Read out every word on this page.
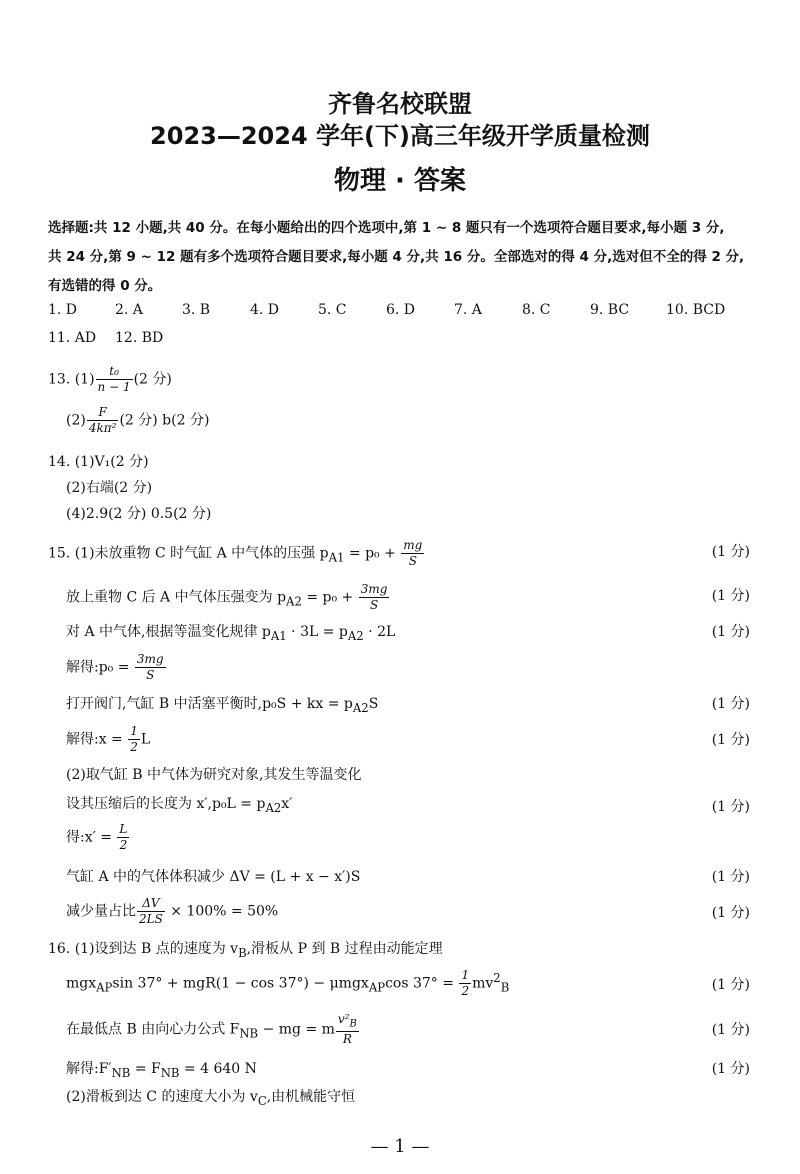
齐鲁名校联盟
2023—2024 学年(下)高三年级开学质量检测
物理 · 答案
选择题:共 12 小题,共 40 分。在每小题给出的四个选项中,第 1 ~ 8 题只有一个选项符合题目要求,每小题 3 分,
共 24 分,第 9 ~ 12 题有多个选项符合题目要求,每小题 4 分,共 16 分。全部选对的得 4 分,选对但不全的得 2 分,
有选错的得 0 分。
1. D	2. A	3. B	4. D	5. C	6. D	7. A	8. C	9. BC	10. BCD
11. AD 12. BD
13. $(1) \frac{\text{t₀}}{n - 1} (2$ 分)
$(2) \frac{F}{\text{4kπ²}} (2$ 分) b(2 分)
14. (1)V₁(2 分)
(2)右端(2 分)
(4)2.9(2 分) 0.5(2 分)
15. (1)未放重物 C 时气缸 A 中气体的压强 $p_{A1} = p_0 + \frac{mg}{S}$	(1 分)
放上重物 C 后 A 中气体压强变为 $p_{A2} = p_0 + \frac{3mg}{S}$	(1 分)
对 A 中气体,根据等温变化规律 $p_{A1} \cdot 3L = p_{A2} \cdot 2L$	(1 分)
解得:p₀ = $\frac{3mg}{S}$
打开阀门,气缸 B 中活塞平衡时,p₀S + kx = $p_{A2}S$	(1 分)
解得:x = $\frac{1}{2}$ L	(1 分)
(2)取气缸 B 中气体为研究对象,其发生等温变化
设其压缩后的长度为 $x',p_0L = p_{A2}x'$	(1 分)
得:x′ = $\frac{L}{2}$
气缸 A 中的气体体积减少 ΔV = (L + x − x′)S	(1 分)
减少量占比 $\frac{\Delta V}{2LS} \times 100\% = 50\%$	(1 分)
16. (1)设到达 B 点的速度为 $v_B$,滑板从 P 到 B 过程由动能定理
mgx$_{AP}$sin 37° + mgR(1 − cos 37°) − μmgx$_{AP}$cos $37^\circ = \frac{1}{2} mv^2_B$	(1 分)
在最低点 B 由向心力公式 $F_{NB}$ − mg = m $\frac{v^2_B}{R}$	(1 分)
解得$:F'_{NB} = F_{NB} = 4$ 640 N	(1 分)
(2)滑板到达 C 的速度大小为 $v_C$,由机械能守恒
— 1 —
